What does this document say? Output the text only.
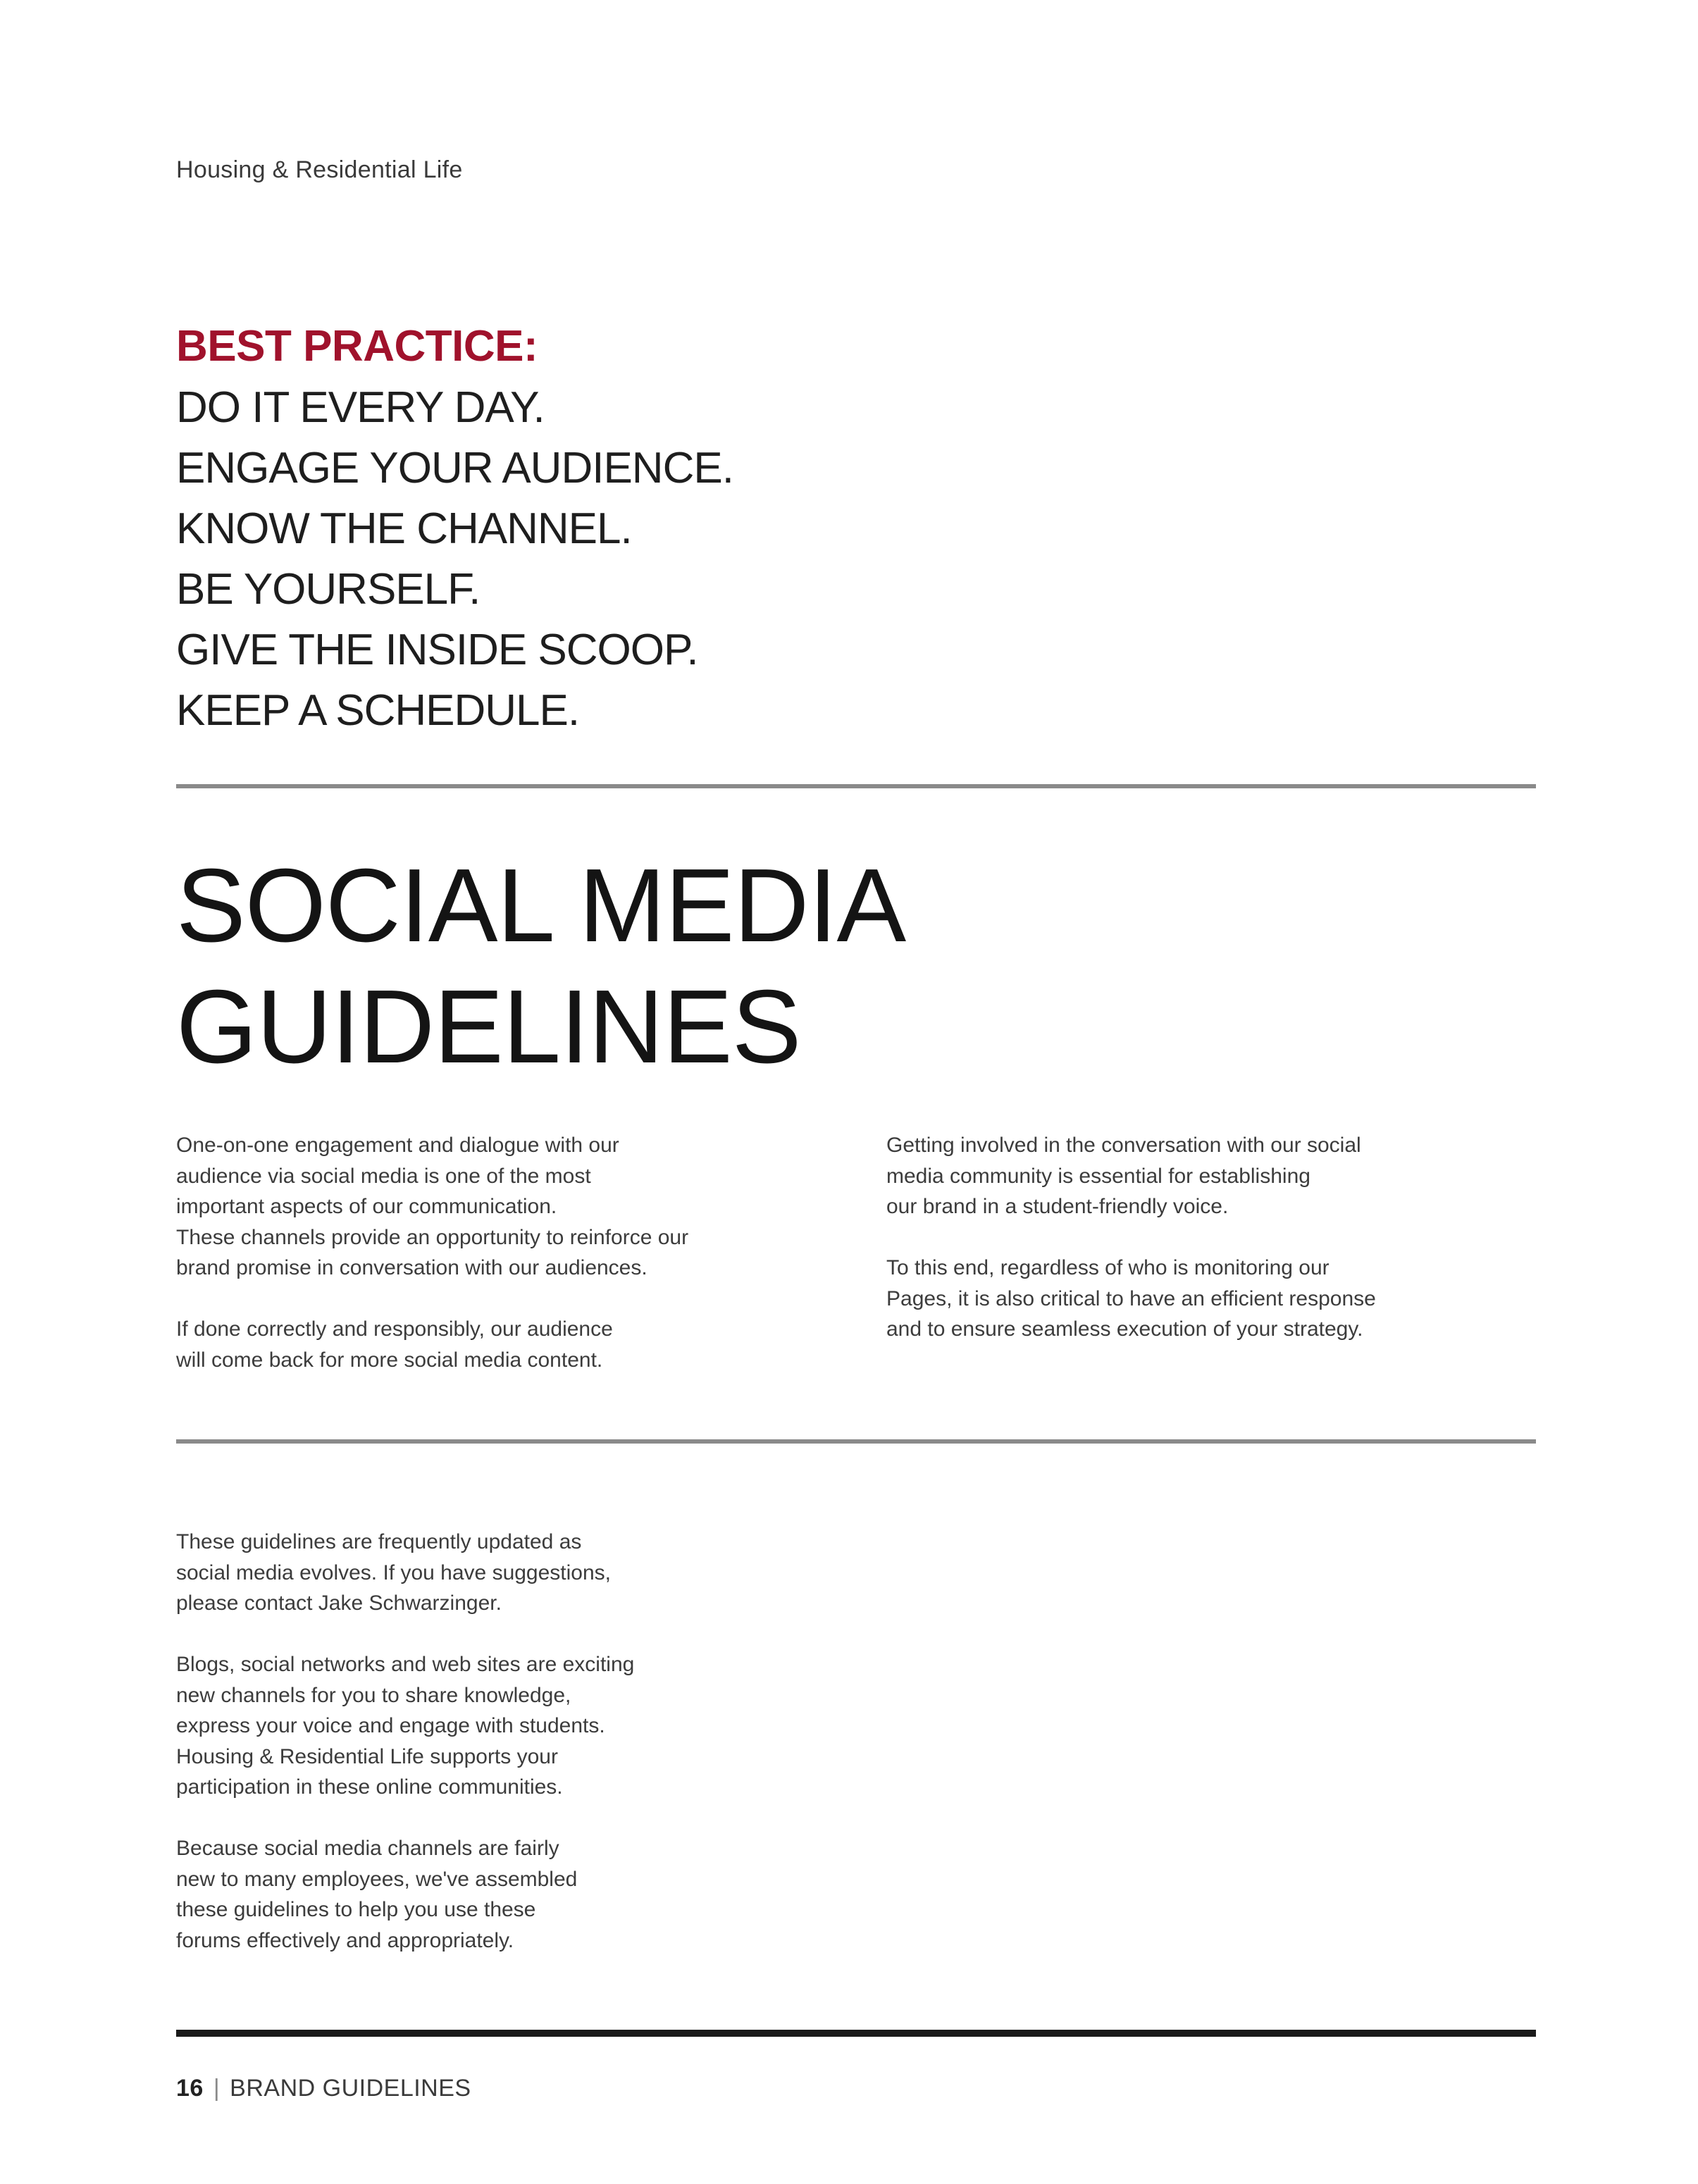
Housing & Residential Life
BEST PRACTICE:
DO IT EVERY DAY.
ENGAGE YOUR AUDIENCE.
KNOW THE CHANNEL.
BE YOURSELF.
GIVE THE INSIDE SCOOP.
KEEP A SCHEDULE.
SOCIAL MEDIA
GUIDELINES

One-on-one engagement and dialogue with our
audience via social media is one of the most
important aspects of our communication.
These channels provide an opportunity to reinforce our
brand promise in conversation with our audiences.

If done correctly and responsibly, our audience
will come back for more social media content.

Getting involved in the conversation with our social
media community is essential for establishing
our brand in a student-friendly voice.

To this end, regardless of who is monitoring our
Pages, it is also critical to have an efficient response
and to ensure seamless execution of your strategy.

These guidelines are frequently updated as
social media evolves. If you have suggestions,
please contact Jake Schwarzinger.

Blogs, social networks and web sites are exciting
new channels for you to share knowledge,
express your voice and engage with students.
Housing & Residential Life supports your
participation in these online communities.

Because social media channels are fairly
new to many employees, we've assembled
these guidelines to help you use these
forums effectively and appropriately.

16 | BRAND GUIDELINES
